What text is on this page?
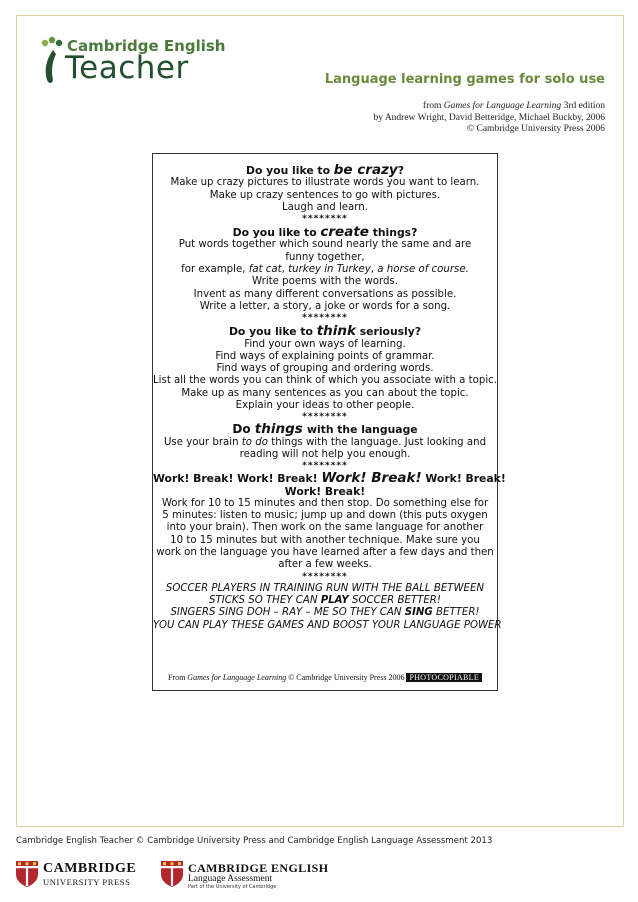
Cambridge English
Teacher	Language learning games for solo use
from Games for Language Learning 3rd edition
by Andrew Wright, David Betteridge, Michael Buckby, 2006
© Cambridge University Press 2006

Do you like to be crazy?

Make up crazy pictures to illustrate words you want to learn.

Make up crazy sentences to go with pictures.

Laugh and learn.

********

Do you like to create things?

Put words together which sound nearly the same and are

funny together,

for example, fat cat, turkey in Turkey, a horse of course.

Write poems with the words.

Invent as many different conversations as possible.

Write a letter, a story, a joke or words for a song.

********

Do you like to think seriously?

Find your own ways of learning.

Find ways of explaining points of grammar.

Find ways of grouping and ordering words.

List all the words you can think of which you associate with a topic.

Make up as many sentences as you can about the topic.

Explain your ideas to other people.

********

Do things with the language

Use your brain to do things with the language. Just looking and

reading will not help you enough.

********

Work! Break! Work! Break! Work! Break! Work! Break!

Work! Break!

Work for 10 to 15 minutes and then stop. Do something else for

5 minutes: listen to music; jump up and down (this puts oxygen

into your brain). Then work on the same language for another

10 to 15 minutes but with another technique. Make sure you

work on the language you have learned after a few days and then

after a few weeks.

********

SOCCER PLAYERS IN TRAINING RUN WITH THE BALL BETWEEN

STICKS SO THEY CAN PLAY SOCCER BETTER!

SINGERS SING DOH – RAY – ME SO THEY CAN SING BETTER!

YOU CAN PLAY THESE GAMES AND BOOST YOUR LANGUAGE POWER

From Games for Language Learning © Cambridge University Press 2006 PHOTOCOPIABLE
Cambridge English Teacher © Cambridge University Press and Cambridge English Language Assessment 2013
CAMBRIDGE
UNIVERSITY PRESS
CAMBRIDGE ENGLISH
Language Assessment
Part of the University of Cambridge
